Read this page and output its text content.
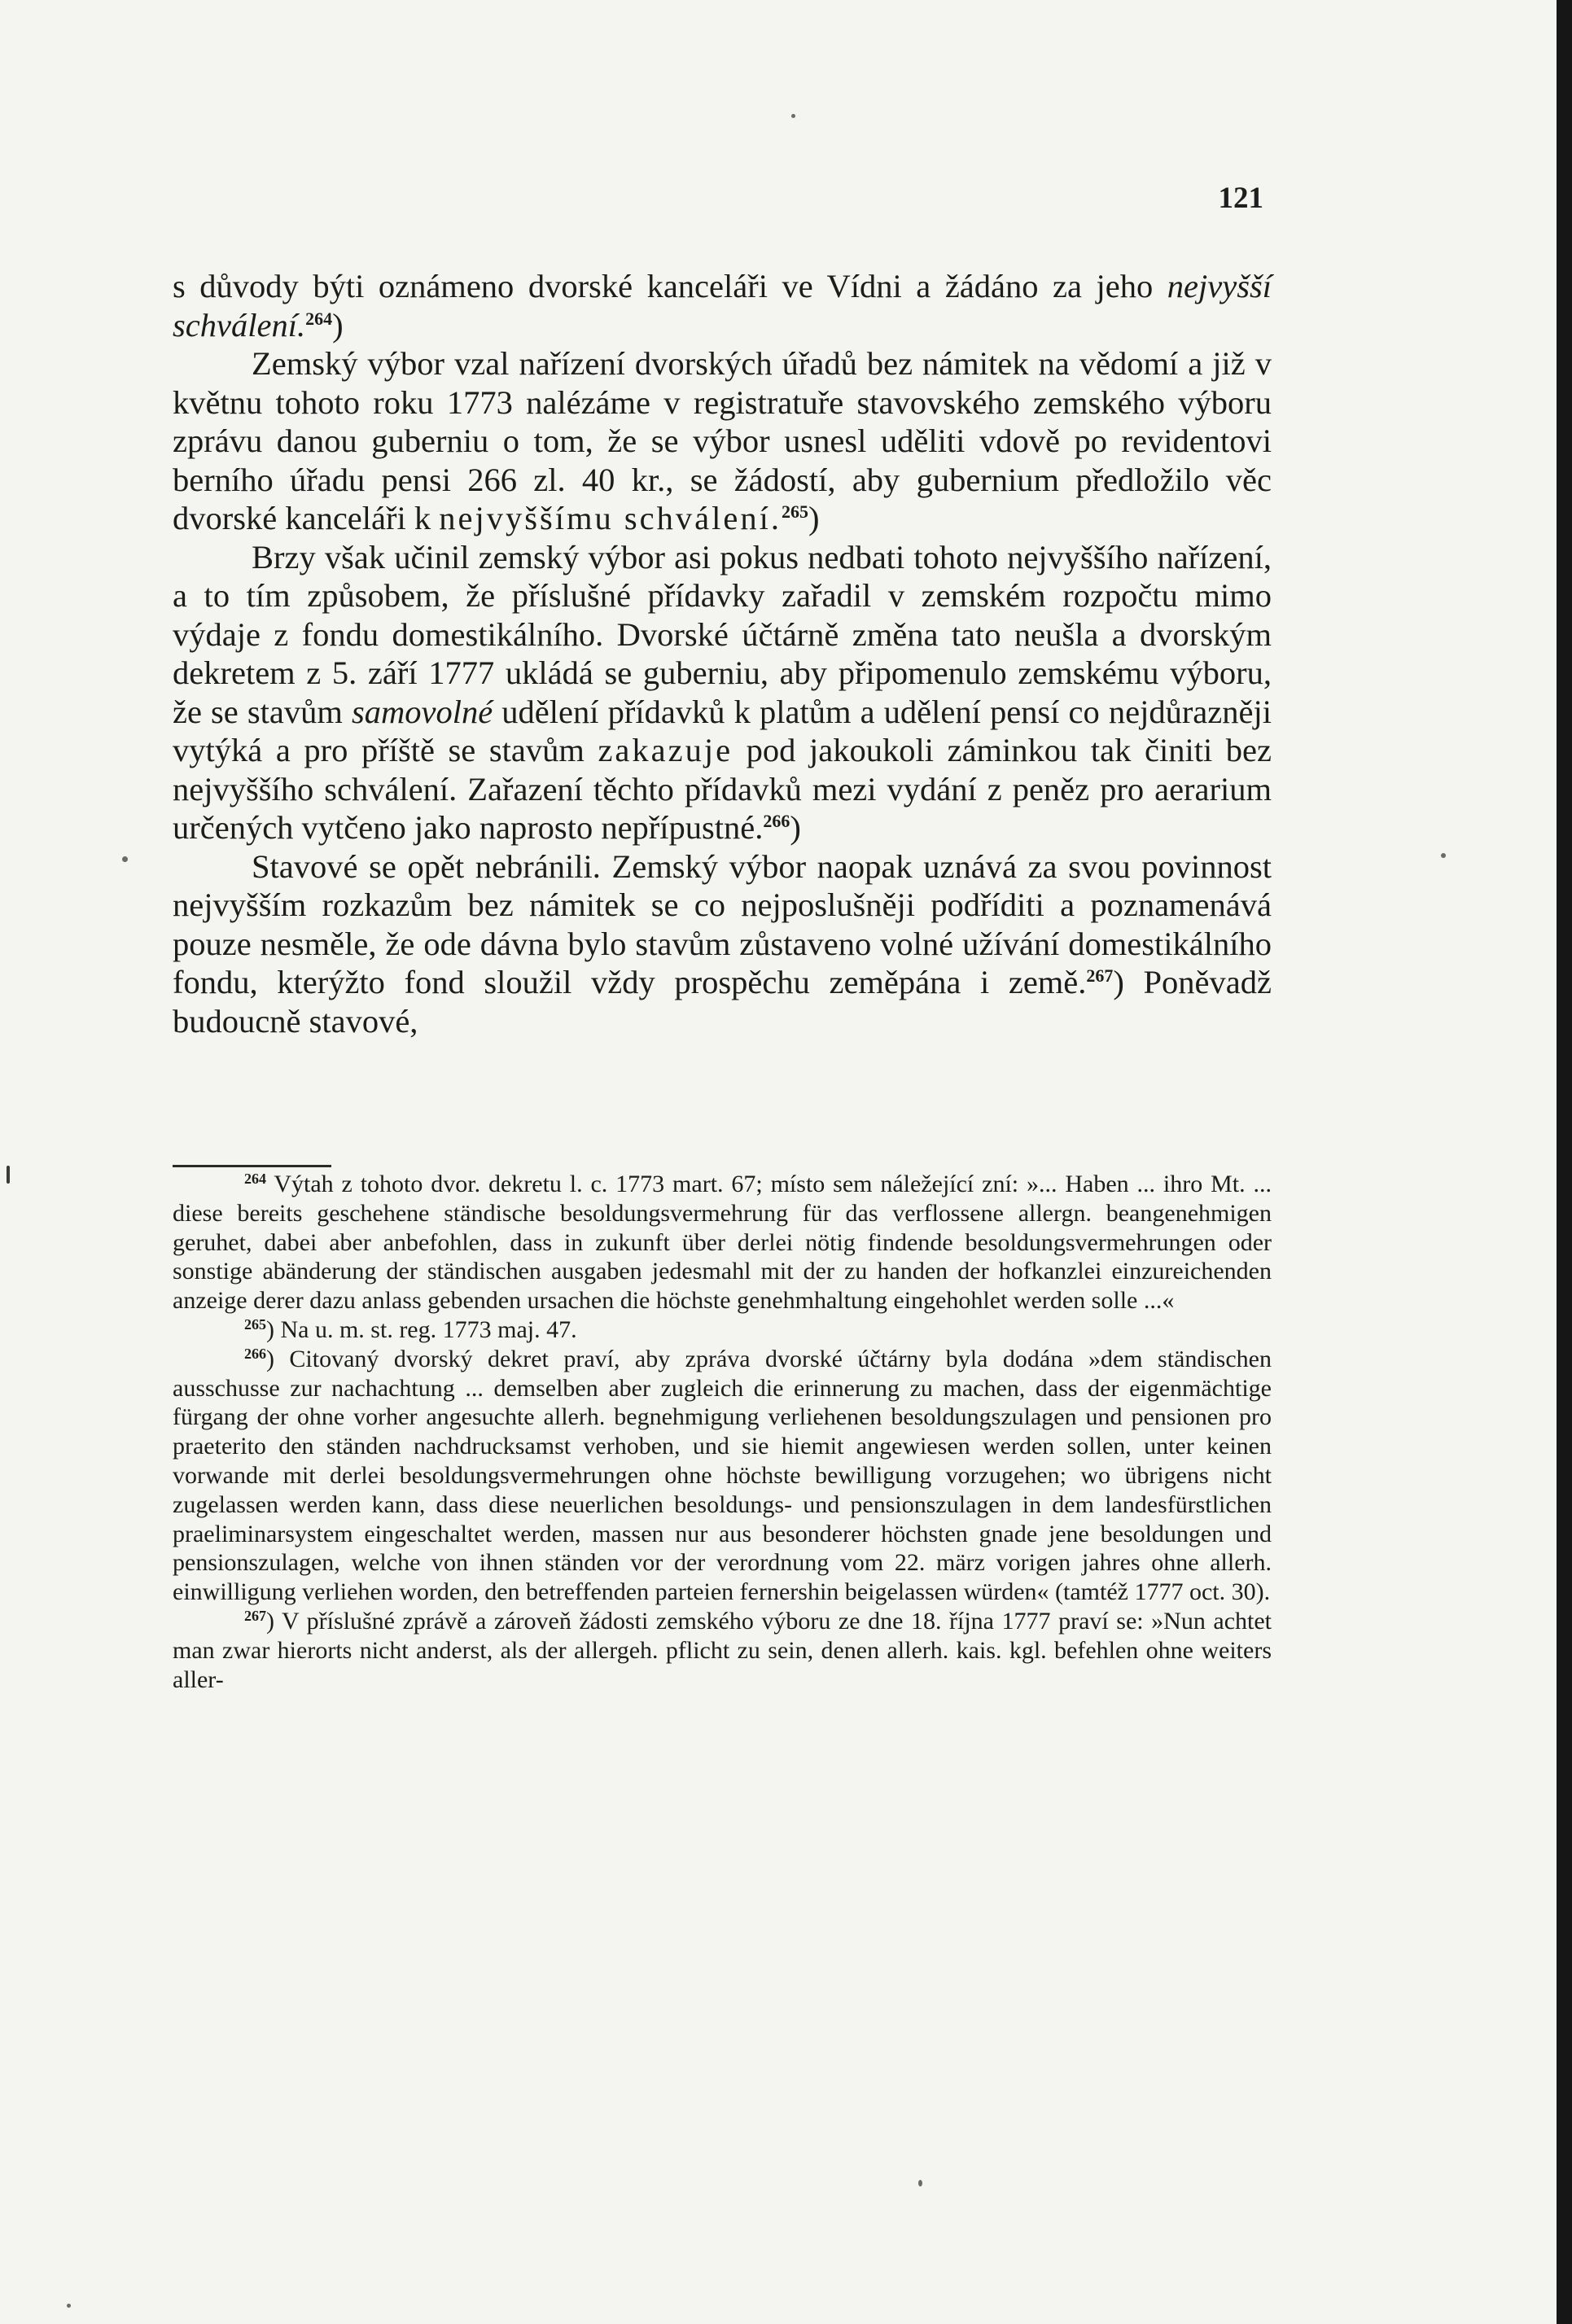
121

s důvody býti oznámeno dvorské kanceláři ve Vídni a žádáno za jeho nejvyšší schválení.$^{264}$)

Zemský výbor vzal nařízení dvorských úřadů bez námitek na vědomí a již v květnu tohoto roku 1773 nalézáme v registratuře stavovského zemského výboru zprávu danou guberniu o tom, že se výbor usnesl uděliti vdově po revidentovi berního úřadu pensi 266 zl. 40 kr., se žádostí, aby gubernium předložilo věc dvorské kanceláři k nejvyššímu schválení.$^{265}$)

Brzy však učinil zemský výbor asi pokus nedbati tohoto nejvyššího nařízení, a to tím způsobem, že příslušné přídavky zařadil v zemském rozpočtu mimo výdaje z fondu domestikálního. Dvorské účtárně změna tato neušla a dvorským dekretem z 5. září 1777 ukládá se guberniu, aby připomenulo zemskému výboru, že se stavům samovolné udělení přídavků k platům a udělení pensí co nejdůrazněji vytýká a pro příště se stavům zakazuje pod jakoukoli záminkou tak činiti bez nejvyššího schválení. Zařazení těchto přídavků mezi vydání z peněz pro aerarium určených vytčeno jako naprosto nepřípustné.$^{266}$)

Stavové se opět nebránili. Zemský výbor naopak uznává za svou povinnost nejvyšším rozkazům bez námitek se co nejposlušněji podříditi a poznamenává pouze nesměle, že ode dávna bylo stavům zůstaveno volné užívání domestikálního fondu, kterýžto fond sloužil vždy prospěchu zeměpána i země.$^{267}$) Poněvadž budoucně stavové,

$^{264}$ Výtah z tohoto dvor. dekretu l. c. 1773 mart. 67; místo sem náležející zní: »... Haben ... ihro Mt. ... diese bereits geschehene ständische besoldungsvermehrung für das verflossene allergn. beangenehmigen geruhet, dabei aber anbefohlen, dass in zukunft über derlei nötig findende besoldungsvermehrungen oder sonstige abänderung der ständischen ausgaben jedesmahl mit der zu handen der hofkanzlei einzureichenden anzeige derer dazu anlass gebenden ursachen die höchste genehmhaltung eingehohlet werden solle ...«

$^{265}$) Na u. m. st. reg. 1773 maj. 47.

$^{266}$) Citovaný dvorský dekret praví, aby zpráva dvorské účtárny byla dodána »dem ständischen ausschusse zur nachachtung ... demselben aber zugleich die erinnerung zu machen, dass der eigenmächtige fürgang der ohne vorher angesuchte allerh. begnehmigung verliehenen besoldungszulagen und pensionen pro praeterito den ständen nachdrucksamst verhoben, und sie hiemit angewiesen werden sollen, unter keinen vorwande mit derlei besoldungsvermehrungen ohne höchste bewilligung vorzugehen; wo übrigens nicht zugelassen werden kann, dass diese neuerlichen besoldungs- und pensionszulagen in dem landesfürstlichen praeliminarsystem eingeschaltet werden, massen nur aus besonderer höchsten gnade jene besoldungen und pensionszulagen, welche von ihnen ständen vor der verordnung vom 22. märz vorigen jahres ohne allerh. einwilligung verliehen worden, den betreffenden parteien fernershin beigelassen würden« (tamtéž 1777 oct. 30).

$^{267}$) V příslušné zprávě a zároveň žádosti zemského výboru ze dne 18. října 1777 praví se: »Nun achtet man zwar hierorts nicht anderst, als der allergeh. pflicht zu sein, denen allerh. kais. kgl. befehlen ohne weiters aller-
